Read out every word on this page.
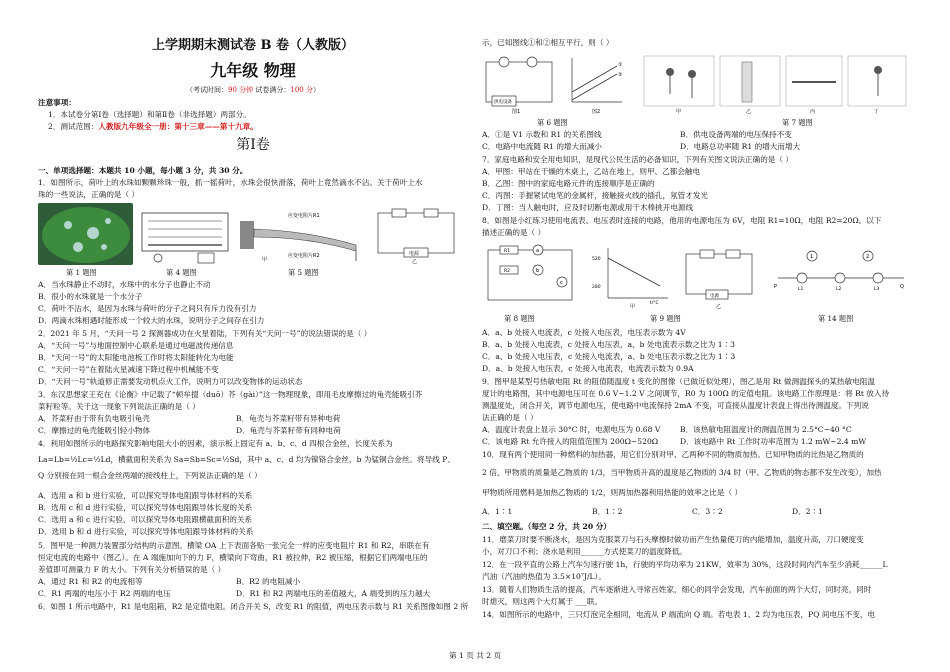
上学期期末测试卷 B 卷（人教版）
九年级 物理
（考试时间：90 分钟 试卷满分：100 分）
注意事项：
1．本试卷分第Ⅰ卷（选择题）和第Ⅱ卷（非选择题）两部分。
2．测试范围：人教版九年级全一册：第十三章——第十九章。
第Ⅰ卷
一、单项选择题：本题共 10 小题，每小题 3 分，共 30 分。
1．如图所示，荷叶上的水珠如颗颗珍珠一般，抓一摇荷叶，水珠会很快滑落，荷叶上竟然滴水不沾。关于荷叶上水
珠的一些说法，正确的是（ ）
应变电阻片R1
应变电阻片R2
甲
电源
乙
第 1 题图	第 4 题图	第 5 题图
A．当水珠静止不动时，水珠中的水分子也静止不动
B．很小的水珠就是一个水分子
C．荷叶不沾水，是因为水珠与荷叶的分子之间只有斥力没有引力
D．两滴水珠相遇时能形成一个较大的水珠，说明分子之间存在引力
2．2021 年 5 月，“天问一号 2 探测器成功在火星着陆，下列有关“天问一号”的说法错误的是（ ）
A．“天问一号”与地面控制中心联系是通过电磁波传递信息
B．“天问一号”的太阳能电池板工作时将太阳能转化为电能
C．“天问一号”在着陆火星减速下降过程中机械能不变
D．“天问一号”轨道修正需要发动机点火工作，说明力可以改变物体的运动状态
3．东汉思想家王充在《论衡》中记载了“顿牟掇（duō）芥（gài）”这一物理现象，即用毛皮摩擦过的龟壳能吸引芥
菜籽粒等。关于这一现象下列说法正确的是（ ）
A．芥菜籽由于带有负电吸引龟壳	B．龟壳与芥菜籽带有异种电荷
C．摩擦过的龟壳能吸引轻小物体	D．龟壳与芥菜籽带有同种电荷
4．利用如图所示的电路探究影响电阻大小的因素，演示板上固定有 a、b、c、d 四根合金丝，长度关系为
La=Lb=½Lc=½Ld，横截面积关系为 Sa=Sb=Sc=½Sd，其中 a、c、d 均为镍铬合金丝，b 为锰铜合金丝。将导线 P、
Q 分别接在同一根合金丝两端的接线柱上，下列说法正确的是（ ）
A．选用 a 和 b 进行实验，可以探究导体电阻跟导体材料的关系
B．选用 c 和 d 进行实验，可以探究导体电阻跟导体长度的关系
C．选用 a 和 c 进行实验，可以探究导体电阻跟横截面积的关系
D．选用 b 和 d 进行实验，可以探究导体电阻跟导体材料的关系
5．图甲是一种测力装置部分结构的示意图。横梁 OA 上下表面各贴一张完全一样的应变电阻片 R1 和 R2，串联在有
恒定电流的电路中（图乙）。在 A 端施加向下的力 F，横梁向下弯曲，R1 被拉伸，R2 被压缩，根据它们两端电压的
差值即可测量力 F 的大小。下列有关分析错误的是（ ）
A．通过 R1 和 R2 的电流相等	B．R2 的电阻减小
C．R1 两端的电压小于 R2 两端的电压	D．R1 和 R2 两端电压的差值越大，A 端受到的压力越大
6．如图 1 所示电路中，R1 是电阻箱，R2 是定值电阻。闭合开关 S，改变 R1 的阻值，两电压表示数与 R1 关系图像如图 2 所
示，已知图线①和②相互平行，则（ ）
供电设备
①
②
图1	图2	甲	乙	丙	丁
第 6 题图	第 7 题图
A．①是 V1 示数和 R1 的关系图线	B．供电设备两端的电压保持不变
C．电路中电流随 R1 的增大而减小	D．电路总功率随 R1 的增大而增大
7．家庭电路和安全用电知识，是现代公民生活的必备知识，下列有关图文说法正确的是（ ）
A．甲图：甲站在干燥的木桌上，乙站在地上，则甲、乙都会触电
B．乙图：图中的家庭电路元件的连接顺序是正确的
C．丙图：手握紧试电笔的金属杆，接触接火线的插孔，氖管才发光
D．丁图：当人触电时，应及时切断电源或用干木棒挑开电源线
8．如图是小红练习使用电流表、电压表时连接的电路，他用的电源电压为 6V，电阻 R1=10Ω，电阻 R2=20Ω。以下
描述正确的是（ ）
a
b
c
R1
R2
520
280
t/°C
甲
电源
乙
1	2
P	Q
L1	L2	L3
第 8 题图	第 9 题图	第 14 题图
A．a、b 处接入电流表，c 处接入电压表，电压表示数为 4V
B．a、b 处接入电流表，c 处接入电压表，a、b 处电流表示数之比为 1∶3
C．a、b 处接入电压表，c 处接入电流表，a、b 处电压表示数之比为 1∶3
D．a、b 处接入电压表，c 处接入电流表，电流表示数为 0.9A
9．图甲是某型号热敏电阻 Rt 的阻值随温度 t 变化的图像（已做近似处理），图乙是用 Rt 做测温探头的某热敏电阻温
度计的电路图，其中电源电压可在 0.6 V~1.2 V 之间调节，R0 为 100Ω 的定值电阻。该电路工作原理是：将 Rt 放入待
测温度处，闭合开关，调节电源电压，使电路中电流保持 2mA 不变，可直接从温度计表盘上得出待测温度。下列说
法正确的是（ ）
A．温度计表盘上显示 30°C 时，电源电压为 0.68 V	B．该热敏电阻温度计的测温范围为 2.5°C~40 °C
C．该电路 Rt 允许接入的阻值范围为 200Ω~520Ω	D．该电路中 Rt 工作时功率范围为 1.2 mW~2.4 mW
10．现有两个使用同一种燃料的加热器，用它们分别对甲、乙两种不同的物质加热。已知甲物质的比热是乙物质的
2 倍，甲物质的质量是乙物质的 1/3，当甲物质升高的温度是乙物质的 3/4 时（甲、乙物质的物态都不发生改变），加热
甲物质所用燃料是加热乙物质的 1/2，则两加热器利用热能的效率之比是（ ）
A．1∶1	B．1∶2	C．3∶2	D．2∶1
二、填空题。（每空 2 分，共 20 分）
11．磨菜刀时要不断浇水，是因为克服菜刀与石头摩擦时做功而产生热量使刀的内能增加，温度升高，刀口硬度变
小，对刀口不利；浇水是利用______方式使菜刀的温度降低。
12．在一段平直的公路上汽车匀速行驶 1h，行驶的平均功率为 21KW，效率为 30%，这段时间内汽车至少消耗______L
汽油（汽油的热值为 3.5×10⁷J/L）。
13．随着人们物质生活的提高，汽车逐渐进入寻常百姓家，细心的同学会发现，汽车前面的两个大灯，同时亮，同时
时熄灭，则这两个大灯属于 ___联。
14．如图所示的电路中，三只灯泡完全相同，电流从 P 端流向 Q 端。若电表 1、2 均为电压表，PQ 间电压不变，电
第 1 页 共 2 页
